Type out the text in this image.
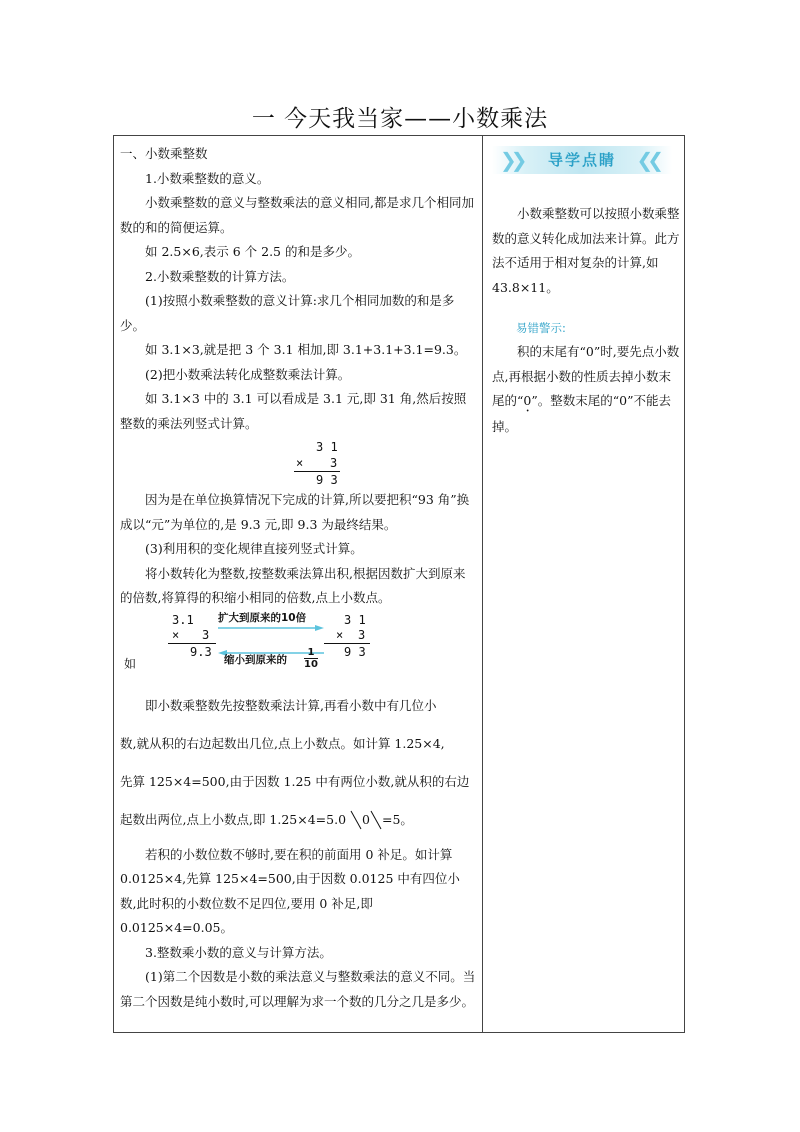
一 今天我当家——小数乘法

一、小数乘整数

1.小数乘整数的意义。

小数乘整数的意义与整数乘法的意义相同,都是求几个相同加数的和的简便运算。

如 2.5×6,表示 6 个 2.5 的和是多少。

2.小数乘整数的计算方法。

(1)按照小数乘整数的意义计算:求几个相同加数的和是多少。

如 3.1×3,就是把 3 个 3.1 相加,即 3.1+3.1+3.1=9.3。

(2)把小数乘法转化成整数乘法计算。

如 3.1×3 中的 3.1 可以看成是 3.1 元,即 31 角,然后按照整数的乘法列竖式计算。

3 1
× 3
9 3

因为是在单位换算情况下完成的计算,所以要把积“93 角”换成以“元”为单位的,是 9.3 元,即 9.3 为最终结果。

(3)利用积的变化规律直接列竖式计算。

将小数转化为整数,按整数乘法算出积,根据因数扩大到原来的倍数,将算得的积缩小相同的倍数,点上小数点。

3.1
× 3
9.3
扩大到原来的10倍	3 1
× 3
9 3
缩小到原来的 $\frac{1}{10}$
如

即小数乘整数先按整数乘法计算,再看小数中有几位小

数,就从积的右边起数出几位,点上小数点。如计算 1.25×4,

先算 125×4=500,由于因数 1.25 中有两位小数,就从积的右边

起数出两位,点上小数点,即 1.25×4=5.0 0 =5。

若积的小数位数不够时,要在积的前面用 0 补足。如计算 0.0125×4,先算 125×4=500,由于因数 0.0125 中有四位小数,此时积的小数位数不足四位,要用 0 补足,即 0.0125×4=0.05。

3.整数乘小数的意义与计算方法。

(1)第二个因数是小数的乘法意义与整数乘法的意义不同。当第二个因数是纯小数时,可以理解为求一个数的几分之几是多少。

❯❯ 导学点睛 ❮❮

小数乘整数可以按照小数乘整数的意义转化成加法来计算。此方法不适用于相对复杂的计算,如 43.8×11。

易错警示:

积的末尾有“0”时,要先点小数点,再根据小数的性质去掉小数末尾的“0”。整数末尾的“0”不能去掉。
